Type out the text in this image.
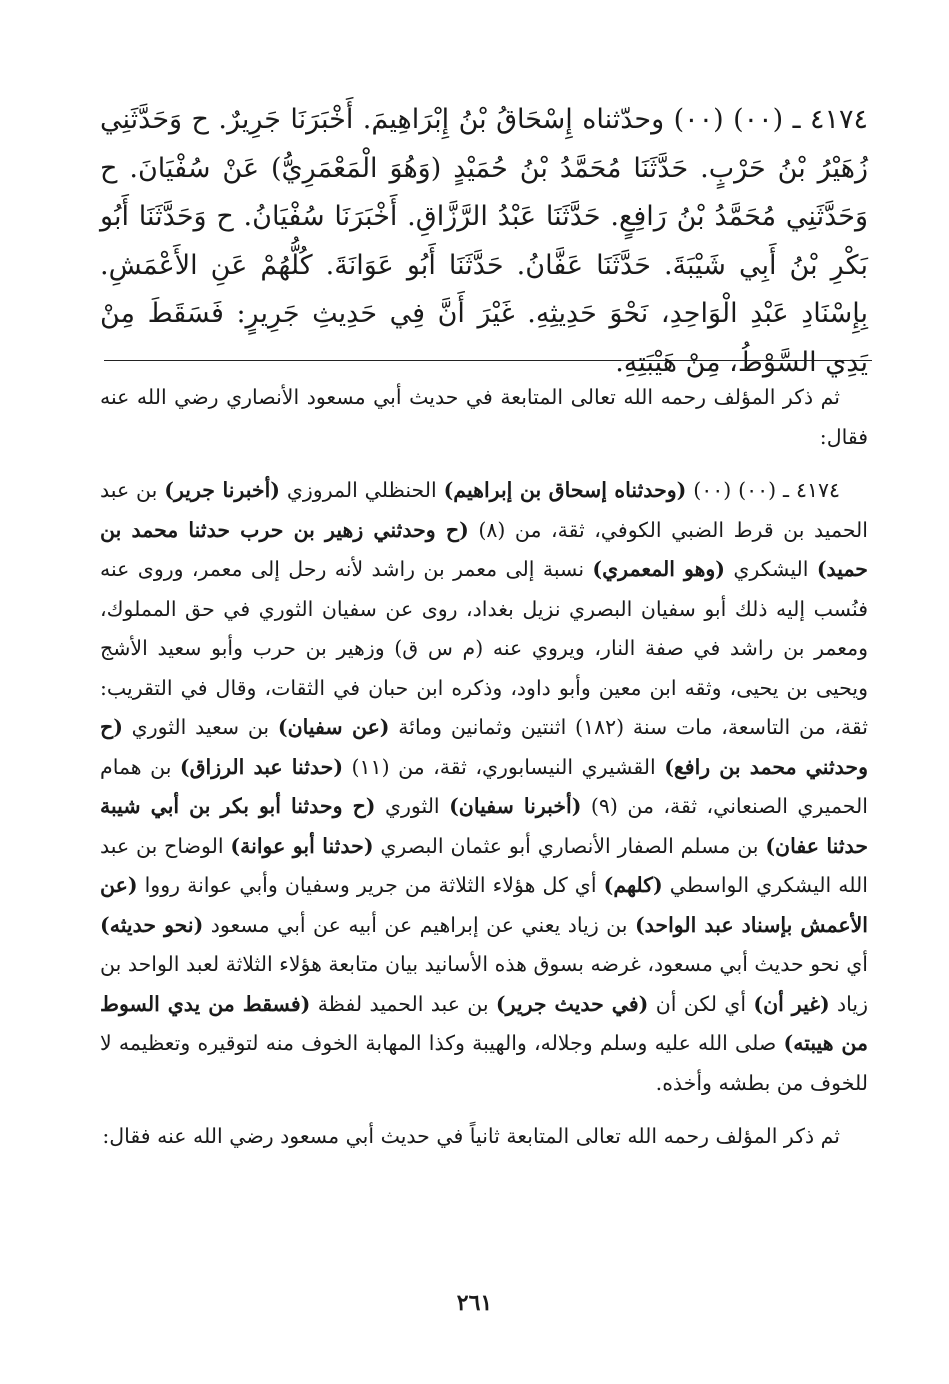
٤١٧٤ ـ (٠٠) (٠٠) وحدّثناه إِسْحَاقُ بْنُ إِبْرَاهِيمَ. أَخْبَرَنَا جَرِيرٌ. ح وَحَدَّثَنِي زُهَيْرُ بْنُ حَرْبٍ. حَدَّثَنَا مُحَمَّدُ بْنُ حُمَيْدٍ (وَهُوَ الْمَعْمَرِيُّ) عَنْ سُفْيَانَ. ح وَحَدَّثَنِي مُحَمَّدُ بْنُ رَافِعٍ. حَدَّثَنَا عَبْدُ الرَّزَّاقِ. أَخْبَرَنَا سُفْيَانُ. ح وَحَدَّثَنَا أَبُو بَكْرِ بْنُ أَبِي شَيْبَةَ. حَدَّثَنَا عَفَّانُ. حَدَّثَنَا أَبُو عَوَانَةَ. كُلُّهُمْ عَنِ الأَعْمَشِ. بِإِسْنَادِ عَبْدِ الْوَاحِدِ، نَحْوَ حَدِيثِهِ. غَيْرَ أَنَّ فِي حَدِيثِ جَرِيرٍ: فَسَقَطَ مِنْ يَدِي السَّوْطُ، مِنْ هَيْبَتِهِ.

ثم ذكر المؤلف رحمه الله تعالى المتابعة في حديث أبي مسعود الأنصاري رضي الله عنه فقال:

٤١٧٤ ـ (٠٠) (٠٠) (وحدثناه إسحاق بن إبراهيم) الحنظلي المروزي (أخبرنا جرير) بن عبد الحميد بن قرط الضبي الكوفي، ثقة، من (٨) (ح وحدثني زهير بن حرب حدثنا محمد بن حميد) اليشكري (وهو المعمري) نسبة إلى معمر بن راشد لأنه رحل إلى معمر، وروى عنه فنُسب إليه ذلك أبو سفيان البصري نزيل بغداد، روى عن سفيان الثوري في حق المملوك، ومعمر بن راشد في صفة النار، ويروي عنه (م س ق) وزهير بن حرب وأبو سعيد الأشج ويحيى بن يحيى، وثقه ابن معين وأبو داود، وذكره ابن حبان في الثقات، وقال في التقريب: ثقة، من التاسعة، مات سنة (١٨٢) اثنتين وثمانين ومائة (عن سفيان) بن سعيد الثوري (ح وحدثني محمد بن رافع) القشيري النيسابوري، ثقة، من (١١) (حدثنا عبد الرزاق) بن همام الحميري الصنعاني، ثقة، من (٩) (أخبرنا سفيان) الثوري (ح وحدثنا أبو بكر بن أبي شيبة حدثنا عفان) بن مسلم الصفار الأنصاري أبو عثمان البصري (حدثنا أبو عوانة) الوضاح بن عبد الله اليشكري الواسطي (كلهم) أي كل هؤلاء الثلاثة من جرير وسفيان وأبي عوانة رووا (عن الأعمش بإسناد عبد الواحد) بن زياد يعني عن إبراهيم عن أبيه عن أبي مسعود (نحو حديثه) أي نحو حديث أبي مسعود، غرضه بسوق هذه الأسانيد بيان متابعة هؤلاء الثلاثة لعبد الواحد بن زياد (غير أن) أي لكن أن (في حديث جرير) بن عبد الحميد لفظة (فسقط من يدي السوط من هيبته) صلى الله عليه وسلم وجلاله، والهيبة وكذا المهابة الخوف منه لتوقيره وتعظيمه لا للخوف من بطشه وأخذه.

ثم ذكر المؤلف رحمه الله تعالى المتابعة ثانياً في حديث أبي مسعود رضي الله عنه فقال:

٢٦١
